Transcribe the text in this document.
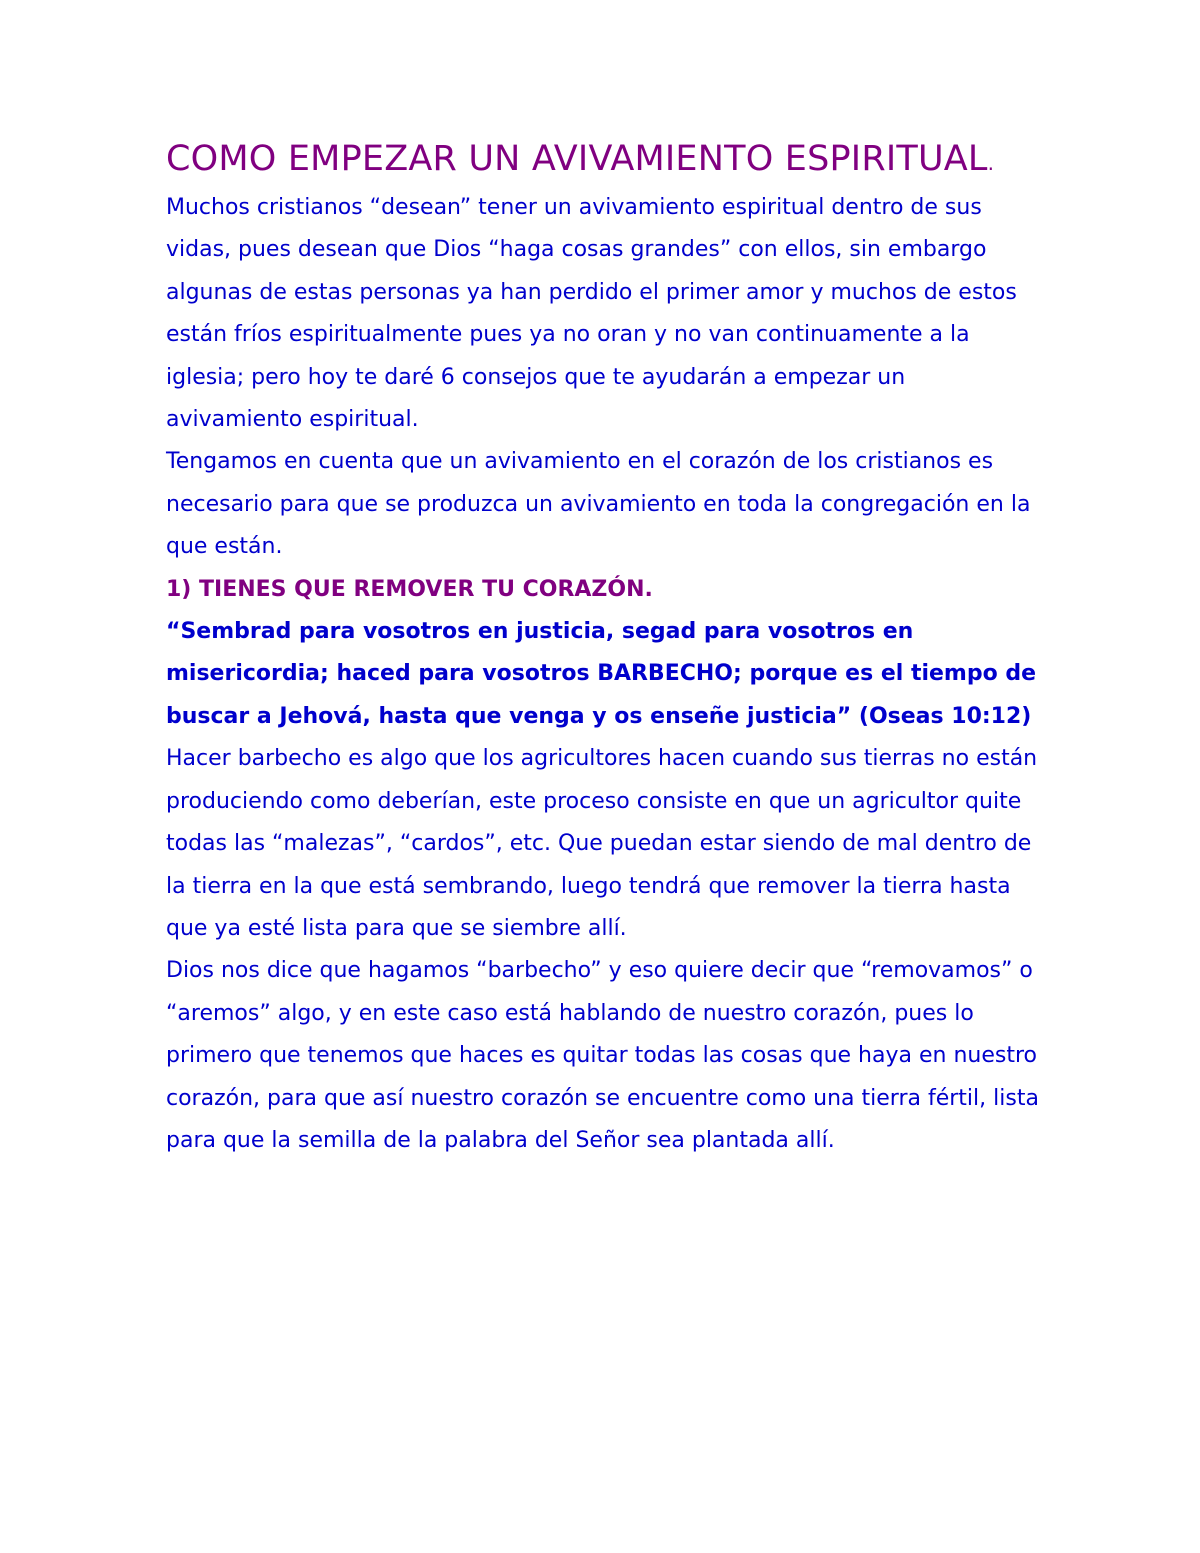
COMO EMPEZAR UN AVIVAMIENTO ESPIRITUAL.

Muchos cristianos “desean” tener un avivamiento espiritual dentro de sus vidas, pues desean que Dios “haga cosas grandes” con ellos, sin embargo algunas de estas personas ya han perdido el primer amor y muchos de estos están fríos espiritualmente pues ya no oran y no van continuamente a la iglesia; pero hoy te daré 6 consejos que te ayudarán a empezar un avivamiento espiritual.

Tengamos en cuenta que un avivamiento en el corazón de los cristianos es necesario para que se produzca un avivamiento en toda la congregación en la que están.

1) TIENES QUE REMOVER TU CORAZÓN.

“Sembrad para vosotros en justicia, segad para vosotros en misericordia; haced para vosotros BARBECHO; porque es el tiempo de buscar a Jehová, hasta que venga y os enseñe justicia” (Oseas 10:12)

Hacer barbecho es algo que los agricultores hacen cuando sus tierras no están produciendo como deberían, este proceso consiste en que un agricultor quite todas las “malezas”, “cardos”, etc. Que puedan estar siendo de mal dentro de la tierra en la que está sembrando, luego tendrá que remover la tierra hasta que ya esté lista para que se siembre allí.

Dios nos dice que hagamos “barbecho” y eso quiere decir que “removamos” o “aremos” algo, y en este caso está hablando de nuestro corazón, pues lo primero que tenemos que haces es quitar todas las cosas que haya en nuestro corazón, para que así nuestro corazón se encuentre como una tierra fértil, lista para que la semilla de la palabra del Señor sea plantada allí.
